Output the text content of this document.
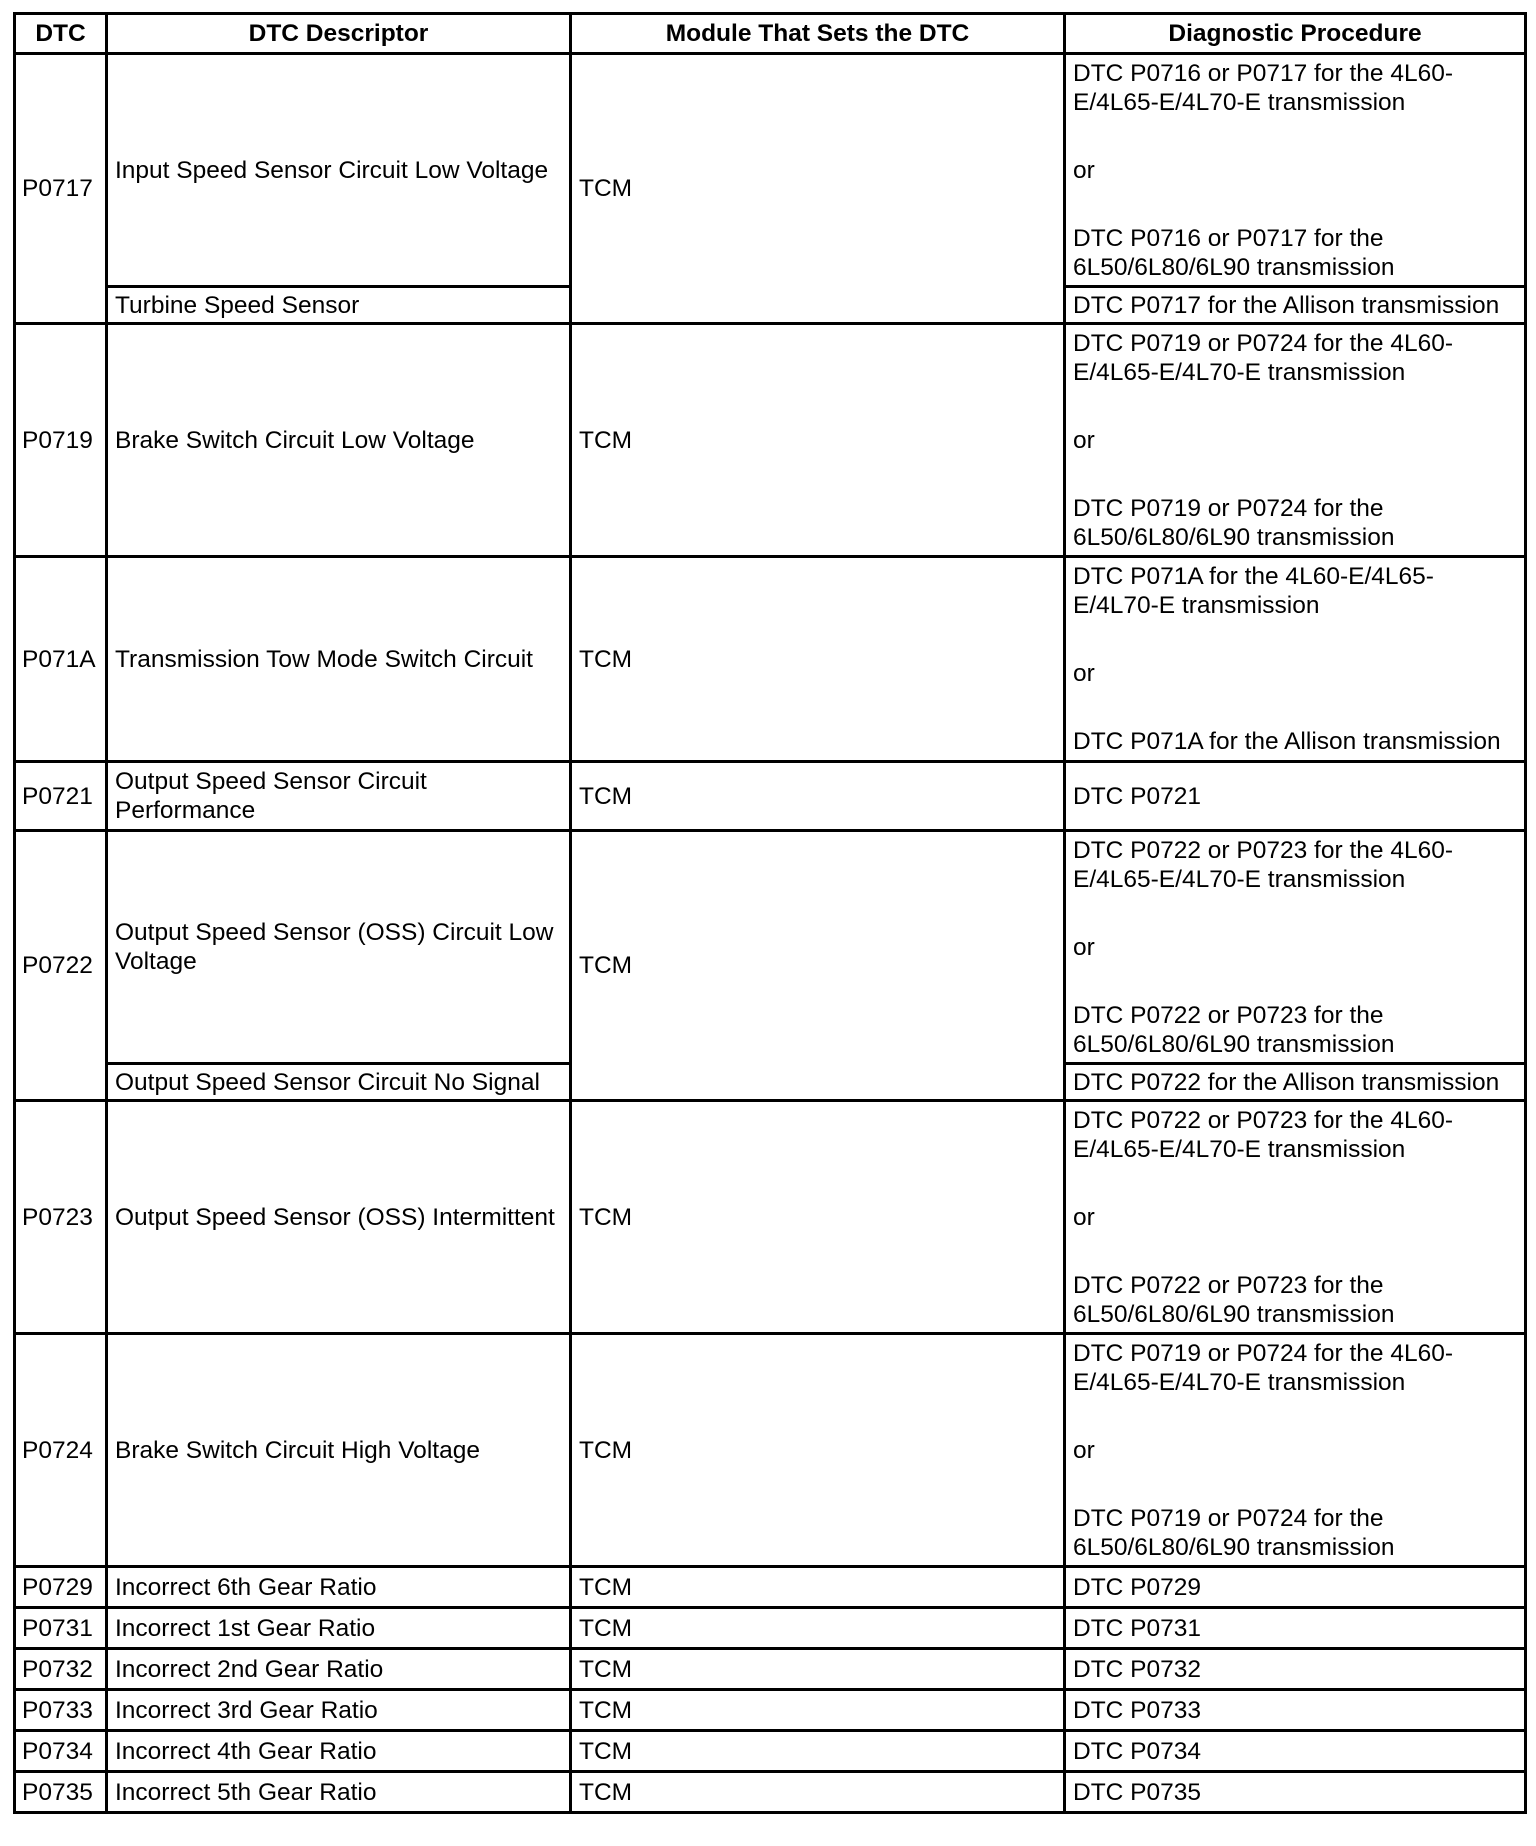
DTC	DTC Descriptor	Module That Sets the DTC	Diagnostic Procedure
P0717	Input Speed Sensor Circuit Low Voltage	TCM	DTC P0716 or P0717 for the 4L60-E/4L65-E/4L70-E transmission
or
DTC P0716 or P0717 for the 6L50/6L80/6L90 transmission

	Turbine Speed Sensor		DTC P0717 for the Allison transmission

P0719	Brake Switch Circuit Low Voltage	TCM	DTC P0719 or P0724 for the 4L60-E/4L65-E/4L70-E transmission
or
DTC P0719 or P0724 for the 6L50/6L80/6L90 transmission

P071A	Transmission Tow Mode Switch Circuit	TCM	DTC P071A for the 4L60-E/4L65-E/4L70-E transmission
or
DTC P071A for the Allison transmission

P0721	Output Speed Sensor Circuit Performance	TCM	DTC P0721

P0722	Output Speed Sensor (OSS) Circuit Low Voltage	TCM	DTC P0722 or P0723 for the 4L60-E/4L65-E/4L70-E transmission
or
DTC P0722 or P0723 for the 6L50/6L80/6L90 transmission

	Output Speed Sensor Circuit No Signal		DTC P0722 for the Allison transmission

P0723	Output Speed Sensor (OSS) Intermittent	TCM	DTC P0722 or P0723 for the 4L60-E/4L65-E/4L70-E transmission
or
DTC P0722 or P0723 for the 6L50/6L80/6L90 transmission

P0724	Brake Switch Circuit High Voltage	TCM	DTC P0719 or P0724 for the 4L60-E/4L65-E/4L70-E transmission
or
DTC P0719 or P0724 for the 6L50/6L80/6L90 transmission

P0729	Incorrect 6th Gear Ratio	TCM	DTC P0729

P0731	Incorrect 1st Gear Ratio	TCM	DTC P0731

P0732	Incorrect 2nd Gear Ratio	TCM	DTC P0732

P0733	Incorrect 3rd Gear Ratio	TCM	DTC P0733

P0734	Incorrect 4th Gear Ratio	TCM	DTC P0734

P0735	Incorrect 5th Gear Ratio	TCM	DTC P0735
